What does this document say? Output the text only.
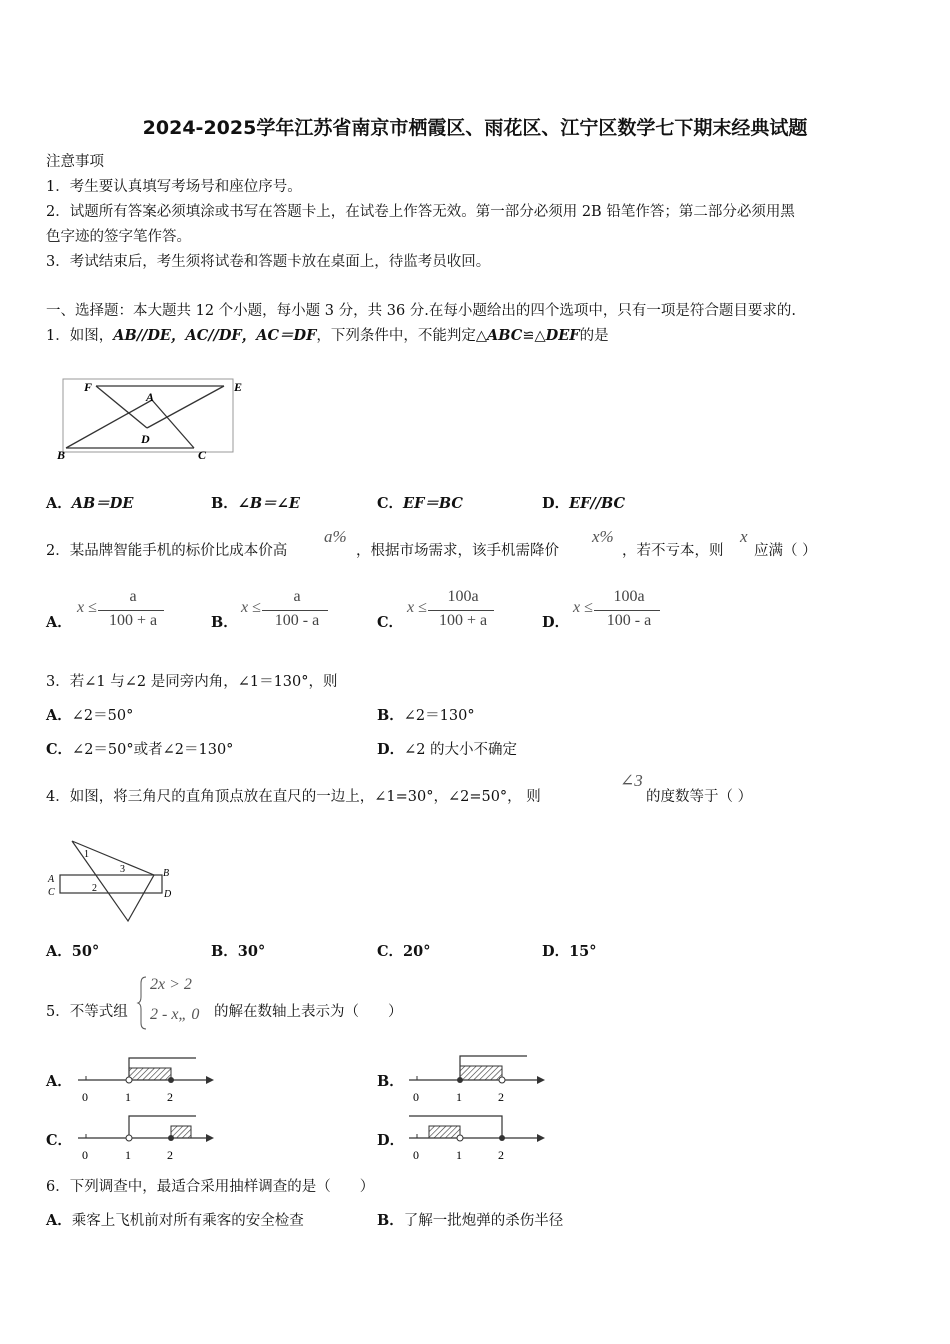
2024-2025学年江苏省南京市栖霞区、雨花区、江宁区数学七下期末经典试题
注意事项
1．考生要认真填写考场号和座位序号。
2．试题所有答案必须填涂或书写在答题卡上，在试卷上作答无效。第一部分必须用 2B 铅笔作答；第二部分必须用黑
色字迹的签字笔作答。
3．考试结束后，考生须将试卷和答题卡放在桌面上，待监考员收回。
一、选择题：本大题共 12 个小题，每小题 3 分，共 36 分.在每小题给出的四个选项中，只有一项是符合题目要求的.
1．如图，AB//DE，AC//DF，AC＝DF，下列条件中，不能判定△ABC≌△DEF的是
F
A
E
D
B	C
A．AB＝DE	B．∠B＝∠E	C．EF＝BC	D．EF//BC
2．某品牌智能手机的标价比成本价高
a%
，根据市场需求，该手机需降价
x%
，若不亏本，则
x
应满（ ）
A．
x ≤
a
100 + a	B．
x ≤
a
100 - a	C．
x ≤
100a
100 + a	D．
x ≤
100a
100 - a
3．若∠1 与∠2 是同旁内角，∠1＝130°，则
A．∠2＝50°	B．∠2＝130°
C．∠2＝50°或者∠2＝130°	D．∠2 的大小不确定
4．如图，将三角尺的直角顶点放在直尺的一边上，∠1=30°，∠2=50°， 则
∠3
的度数等于（ ）
1
3
2
A
B
C	D
A．50°	B．30°	C．20°	D．15°
5．不等式组
2x > 2
2 - x„ 0 的解在数轴上表示为（　　）
A．
0	1	2
B．
0	1	2
C．
0	1	2
D．
0	1	2
6．下列调查中，最适合采用抽样调查的是（　　）
A．乘客上飞机前对所有乘客的安全检查	B．了解一批炮弹的杀伤半径
